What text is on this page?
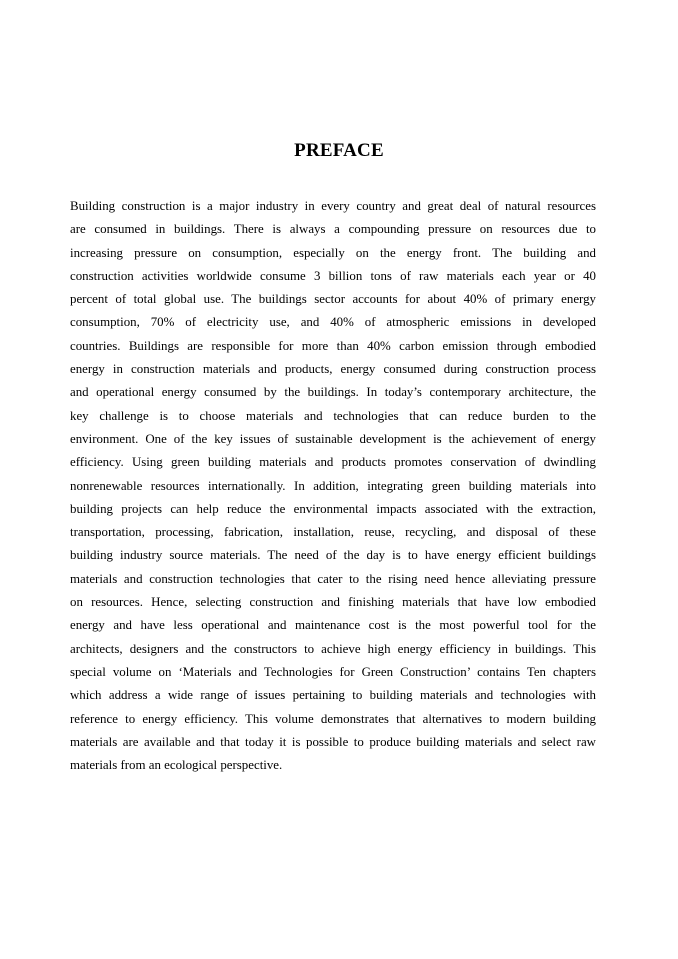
PREFACE
Building construction is a major industry in every country and great deal of natural resources
are consumed in buildings. There is always a compounding pressure on resources due to
increasing pressure on consumption, especially on the energy front. The building and
construction activities worldwide consume 3 billion tons of raw materials each year or 40
percent of total global use. The buildings sector accounts for about 40% of primary energy
consumption, 70% of electricity use, and 40% of atmospheric emissions in developed
countries. Buildings are responsible for more than 40% carbon emission through embodied
energy in construction materials and products, energy consumed during construction process
and operational energy consumed by the buildings. In today’s contemporary architecture, the
key challenge is to choose materials and technologies that can reduce burden to the
environment. One of the key issues of sustainable development is the achievement of energy
efficiency. Using green building materials and products promotes conservation of dwindling
nonrenewable resources internationally. In addition, integrating green building materials into
building projects can help reduce the environmental impacts associated with the extraction,
transportation, processing, fabrication, installation, reuse, recycling, and disposal of these
building industry source materials. The need of the day is to have energy efficient buildings
materials and construction technologies that cater to the rising need hence alleviating pressure
on resources. Hence, selecting construction and finishing materials that have low embodied
energy and have less operational and maintenance cost is the most powerful tool for the
architects, designers and the constructors to achieve high energy efficiency in buildings. This
special volume on ‘Materials and Technologies for Green Construction’ contains Ten chapters
which address a wide range of issues pertaining to building materials and technologies with
reference to energy efficiency. This volume demonstrates that alternatives to modern building
materials are available and that today it is possible to produce building materials and select raw
materials from an ecological perspective.
